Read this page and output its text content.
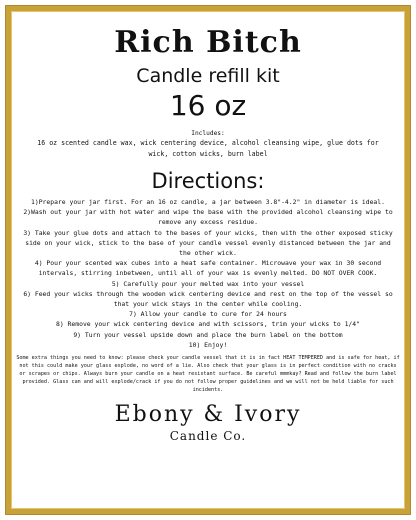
Rich Bitch
Candle refill kit
16 oz
Includes:
16 oz scented candle wax, wick centering device, alcohol cleansing wipe, glue dots for wick, cotton wicks, burn label
Directions:
1)Prepare your jar first. For an 16 oz candle, a jar between 3.8"-4.2" in diameter is ideal.
2)Wash out your jar with hot water and wipe the base with the provided alcohol cleansing wipe to remove any excess residue.
3) Take your glue dots and attach to the bases of your wicks, then with the other exposed sticky side on your wick, stick to the base of your candle vessel evenly distanced between the jar and the other wick.
4) Pour your scented wax cubes into a heat safe container. Microwave your wax in 30 second intervals, stirring inbetween, until all of your wax is evenly melted. DO NOT OVER COOK.
5) Carefully pour your melted wax into your vessel
6) Feed your wicks through the wooden wick centering device and rest on the top of the vessel so that your wick stays in the center while cooling.
7) Allow your candle to cure for 24 hours
8) Remove your wick centering device and with scissors, trim your wicks to 1/4"
9) Turn your vessel upside down and place the burn label on the bottom
10) Enjoy!
Some extra things you need to know: please check your candle vessel that it is in fact HEAT TEMPERED and is safe for heat, if not this could make your glass explode, no word of a lie. Also check that your glass is in perfect condition with no cracks or scrapes or chips. Always burn your candle on a heat resistant surface. Be careful mmmkay? Read and follow the burn label provided. Glass can and will explode/crack if you do not follow proper guidelines and we will not be held liable for such incidents.
Ebony & Ivory
Candle Co.
